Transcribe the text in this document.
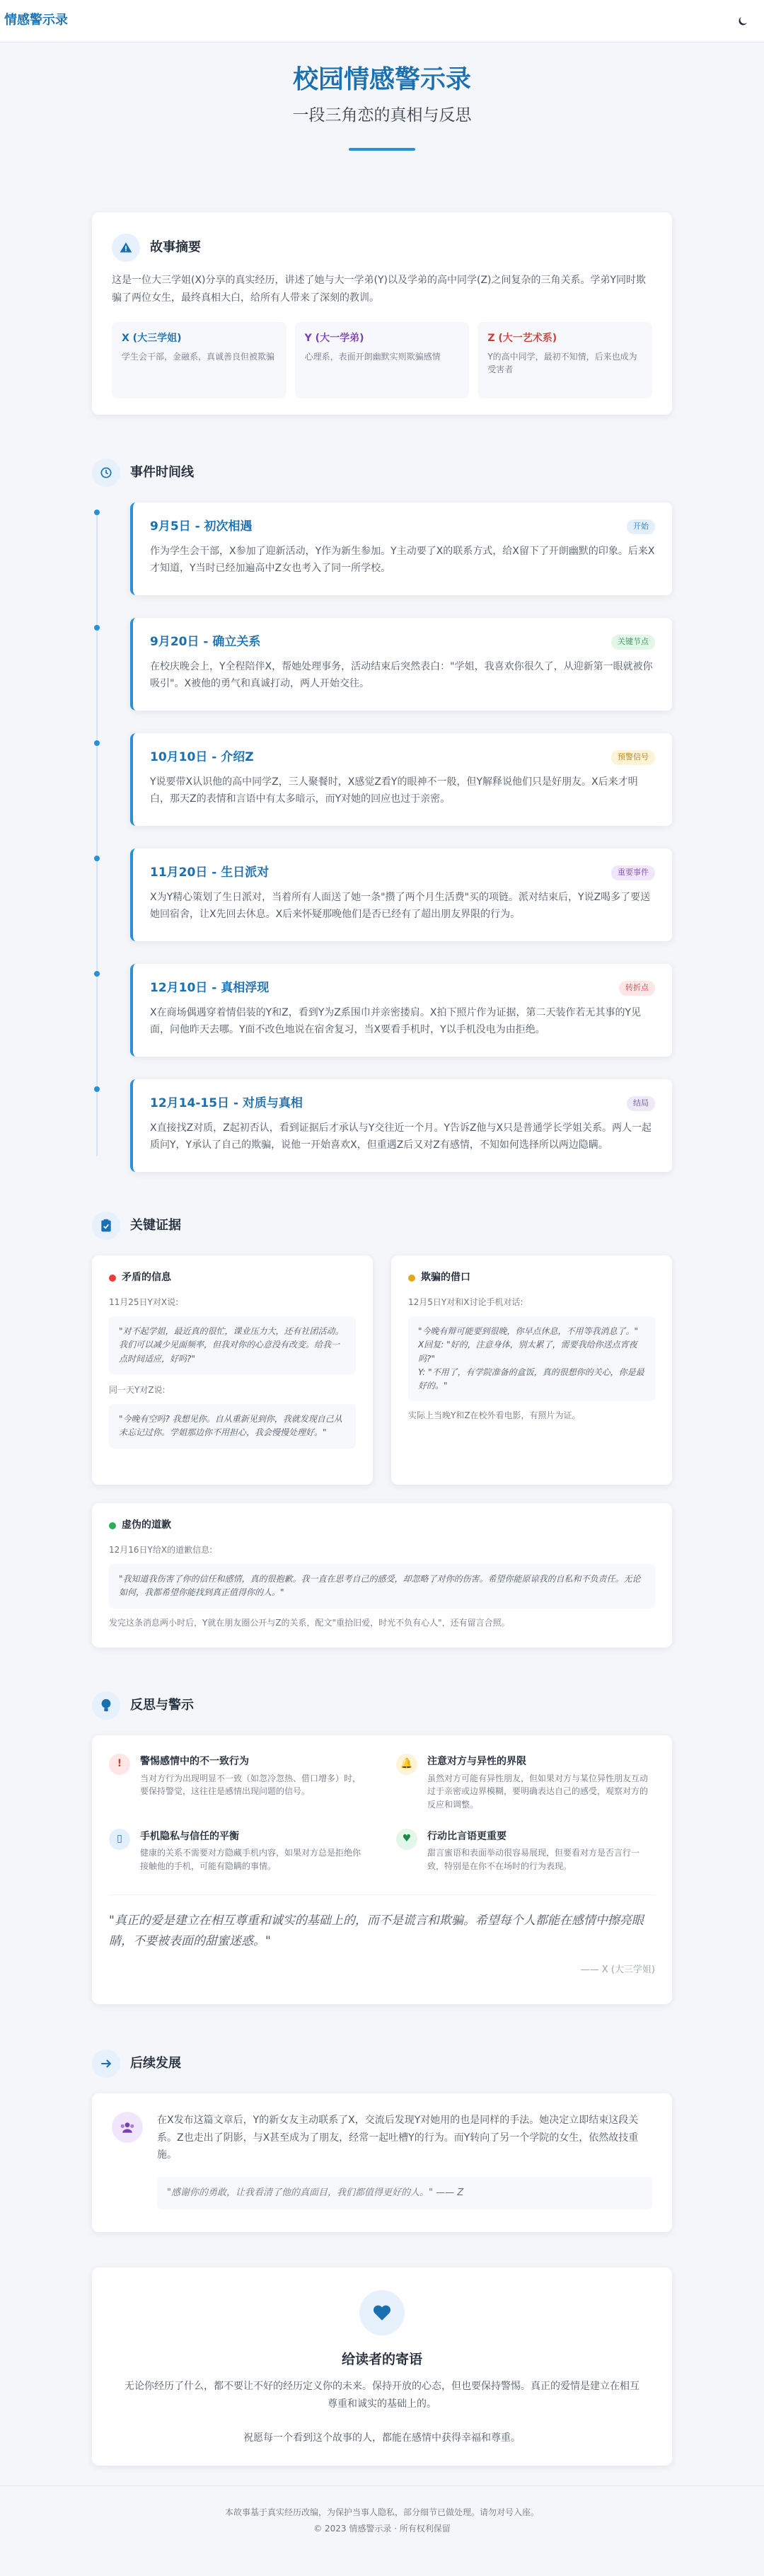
情感警示录
校园情感警示录
一段三角恋的真相与反思
故事摘要

这是一位大三学姐(X)分享的真实经历，讲述了她与大一学弟(Y)以及学弟的高中同学(Z)之间复杂的三角关系。学弟Y同时欺骗了两位女生，最终真相大白，给所有人带来了深刻的教训。

X (大三学姐)
学生会干部，金融系，真诚善良但被欺骗
Y (大一学弟)
心理系，表面开朗幽默实则欺骗感情
Z (大一艺术系)
Y的高中同学，最初不知情，后来也成为受害者
事件时间线
9月5日 - 初次相遇	开始
作为学生会干部，X参加了迎新活动，Y作为新生参加。Y主动要了X的联系方式，给X留下了开朗幽默的印象。后来X才知道，Y当时已经加遍高中Z女也考入了同一所学校。
9月20日 - 确立关系	关键节点
在校庆晚会上，Y全程陪伴X，帮她处理事务，活动结束后突然表白："学姐，我喜欢你很久了，从迎新第一眼就被你吸引"。X被他的勇气和真诚打动，两人开始交往。
10月10日 - 介绍Z	预警信号
Y说要带X认识他的高中同学Z，三人聚餐时，X感觉Z看Y的眼神不一般，但Y解释说他们只是好朋友。X后来才明白，那天Z的表情和言语中有太多暗示，而Y对她的回应也过于亲密。
11月20日 - 生日派对	重要事件
X为Y精心策划了生日派对，当着所有人面送了她一条"攒了两个月生活费"买的项链。派对结束后，Y说Z喝多了要送她回宿舍，让X先回去休息。X后来怀疑那晚他们是否已经有了超出朋友界限的行为。
12月10日 - 真相浮现	转折点
X在商场偶遇穿着情侣装的Y和Z，看到Y为Z系围巾并亲密搂肩。X拍下照片作为证据，第二天装作若无其事的Y见面，问他昨天去哪。Y面不改色地说在宿舍复习，当X要看手机时，Y以手机没电为由拒绝。
12月14-15日 - 对质与真相	结局
X直接找Z对质，Z起初否认，看到证据后才承认与Y交往近一个月。Y告诉Z他与X只是普通学长学姐关系。两人一起质问Y，Y承认了自己的欺骗，说他一开始喜欢X，但重遇Z后又对Z有感情，不知如何选择所以两边隐瞒。
关键证据
矛盾的信息
11月25日Y对X说:
"对不起学姐，最近真的很忙，课业压力大，还有社团活动。我们可以减少见面频率，但我对你的心意没有改变。给我一点时间适应，好吗?"
同一天Y对Z说:
"今晚有空吗? 我想见你。自从重新见到你，我就发现自己从未忘记过你。学姐那边你不用担心，我会慢慢处理好。"
欺骗的借口
12月5日Y对和X讨论手机对话:
"今晚有辩可能要到很晚，你早点休息，不用等我消息了。"
X回复: "好的，注意身体，别太累了，需要我给你送点宵夜吗?"
Y: "不用了，有学院准备的盒饭，真的很想你的关心，你是最好的。"
实际上当晚Y和Z在校外看电影，有照片为证。
虚伪的道歉
12月16日Y给X的道歉信息:
"我知道我伤害了你的信任和感情，真的很抱歉。我一直在思考自己的感受，却忽略了对你的伤害。希望你能原谅我的自私和不负责任。无论如何，我都希望你能找到真正值得你的人。"
发完这条消息两小时后，Y就在朋友圈公开与Z的关系，配文"重拾旧爱，时光不负有心人"，还有留言合照。
反思与警示
!	警惕感情中的不一致行为
当对方行为出现明显不一致（如忽冷忽热、借口增多）时，要保持警觉，这往往是感情出现问题的信号。
🔔	注意对方与异性的界限
虽然对方可能有异性朋友，但如果对方与某位异性朋友互动过于亲密或边界模糊，要明确表达自己的感受，观察对方的反应和调整。
▯	手机隐私与信任的平衡
健康的关系不需要对方隐藏手机内容，如果对方总是拒绝你接触他的手机，可能有隐瞒的事情。
♥	行动比言语更重要
甜言蜜语和表面举动很容易展现，但要看对方是否言行一致，特别是在你不在场时的行为表现。

"真正的爱是建立在相互尊重和诚实的基础上的，而不是谎言和欺骗。希望每个人都能在感情中擦亮眼睛，不要被表面的甜蜜迷惑。"

—— X (大三学姐)
后续发展

在X发布这篇文章后，Y的新女友主动联系了X，交流后发现Y对她用的也是同样的手法。她决定立即结束这段关系。Z也走出了阴影，与X甚至成为了朋友，经常一起吐槽Y的行为。而Y转向了另一个学院的女生，依然故技重施。

"感谢你的勇敢，让我看清了他的真面目，我们都值得更好的人。" —— Z
给读者的寄语

无论你经历了什么，都不要让不好的经历定义你的未来。保持开放的心态，但也要保持警惕。真正的爱情是建立在相互尊重和诚实的基础上的。

祝愿每一个看到这个故事的人，都能在感情中获得幸福和尊重。

本故事基于真实经历改编，为保护当事人隐私，部分细节已做处理。请勿对号入座。
© 2023 情感警示录 · 所有权利保留
